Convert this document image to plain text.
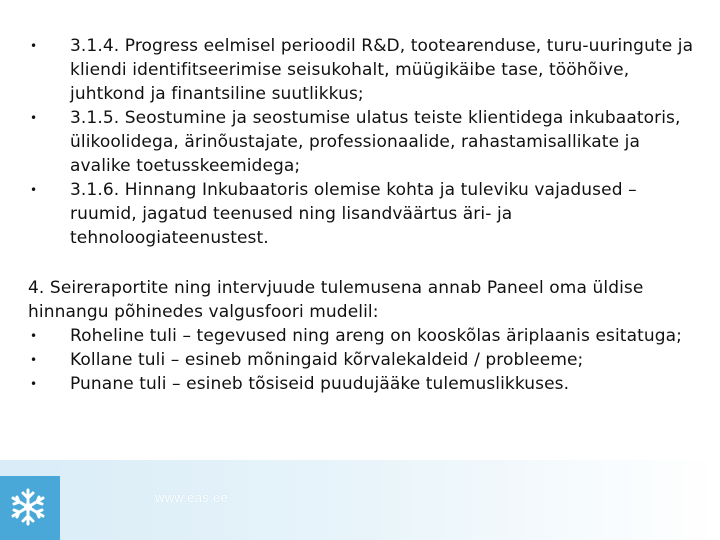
• 3.1.4. Progress eelmisel perioodil R&D, tootearenduse, turu-uuringute ja kliendi identifitseerimise seisukohalt, müügikäibe tase, tööhõive, juhtkond ja finantsiline suutlikkus;
• 3.1.5. Seostumine ja seostumise ulatus teiste klientidega inkubaatoris, ülikoolidega, ärinõustajate, professionaalide, rahastamisallikate ja avalike toetusskeemidega;
• 3.1.6. Hinnang Inkubaatoris olemise kohta ja tuleviku vajadused – ruumid, jagatud teenused ning lisandväärtus äri- ja tehnoloogiateenustest.

4. Seireraportite ning intervjuude tulemusena annab Paneel oma üldise hinnangu põhinedes valgusfoori mudelil:

• Roheline tuli – tegevused ning areng on kooskõlas äriplaanis esitatuga;
• Kollane tuli – esineb mõningaid kõrvalekaldeid / probleeme;
• Punane tuli – esineb tõsiseid puudujääke tulemuslikkuses.
www.eas.ee
